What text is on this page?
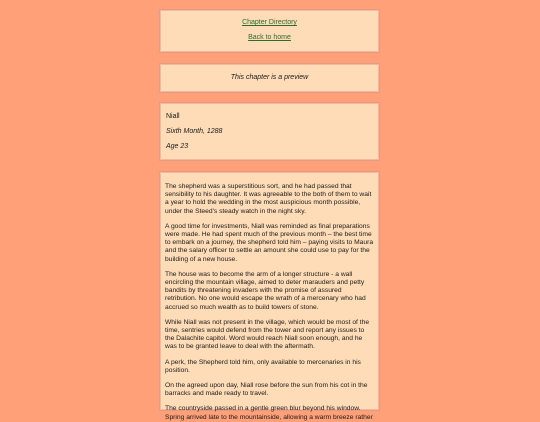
Chapter Directory
Back to home
This chapter is a preview
Niall
Sixth Month, 1288
Age 23

The shepherd was a superstitious sort, and he had passed that sensibility to his daughter. It was agreeable to the both of them to wait a year to hold the wedding in the most auspicious month possible, under the Steed's steady watch in the night sky.

A good time for investments, Niall was reminded as final preparations were made. He had spent much of the previous month – the best time to embark on a journey, the shepherd told him – paying visits to Maura and the salary officer to settle an amount she could use to pay for the building of a new house.

The house was to become the arm of a longer structure - a wall encircling the mountain village, aimed to deter marauders and petty bandits by threatening invaders with the promise of assured retribution. No one would escape the wrath of a mercenary who had accrued so much wealth as to build towers of stone.

While Niall was not present in the village, which would be most of the time, sentries would defend from the tower and report any issues to the Dalachite capitol. Word would reach Niall soon enough, and he was to be granted leave to deal with the aftermath.

A perk, the Shepherd told him, only available to mercenaries in his position.

On the agreed upon day, Niall rose before the sun from his cot in the barracks and made ready to travel.

The countryside passed in a gentle green blur beyond his window. Spring arrived late to the mountainside, allowing a warm breeze rather
